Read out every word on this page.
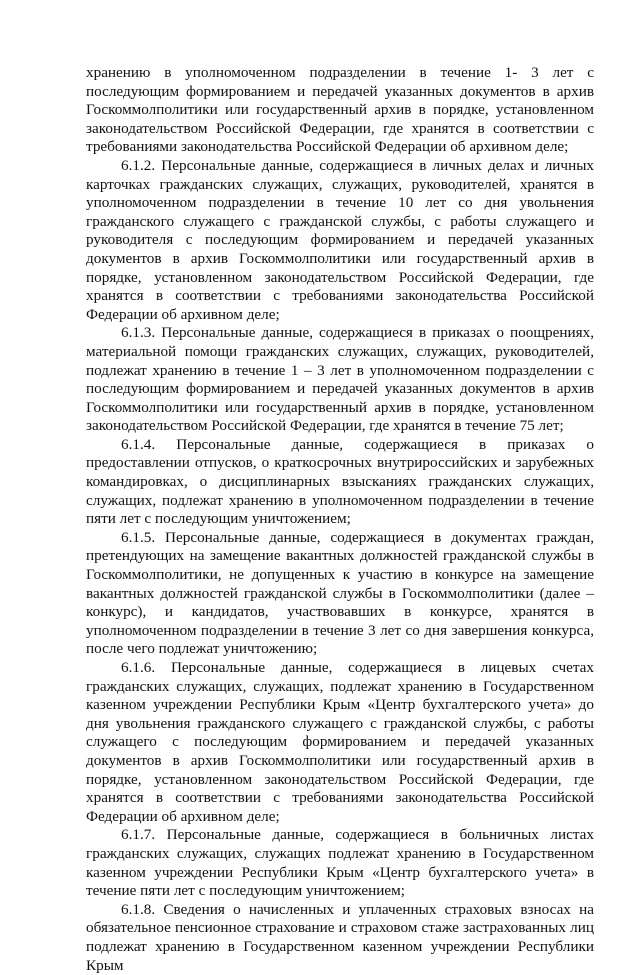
хранению в уполномоченном подразделении в течение 1- 3 лет с последующим формированием и передачей указанных документов в архив Госкоммолполитики или государственный архив в порядке, установленном законодательством Российской Федерации, где хранятся в соответствии с требованиями законодательства Российской Федерации об архивном деле;

6.1.2. Персональные данные, содержащиеся в личных делах и личных карточках гражданских служащих, служащих, руководителей, хранятся в уполномоченном подразделении в течение 10 лет со дня увольнения гражданского служащего с гражданской службы, с работы служащего и руководителя с последующим формированием и передачей указанных документов в архив Госкоммолполитики или государственный архив в порядке, установленном законодательством Российской Федерации, где хранятся в соответствии с требованиями законодательства Российской Федерации об архивном деле;

6.1.3. Персональные данные, содержащиеся в приказах о поощрениях, материальной помощи гражданских служащих, служащих, руководителей, подлежат хранению в течение 1 – 3 лет в уполномоченном подразделении с последующим формированием и передачей указанных документов в архив Госкоммолполитики или государственный архив в порядке, установленном законодательством Российской Федерации, где хранятся в течение 75 лет;

6.1.4. Персональные данные, содержащиеся в приказах о предоставлении отпусков, о краткосрочных внутрироссийских и зарубежных командировках, о дисциплинарных взысканиях гражданских служащих, служащих, подлежат хранению в уполномоченном подразделении в течение пяти лет с последующим уничтожением;

6.1.5. Персональные данные, содержащиеся в документах граждан, претендующих на замещение вакантных должностей гражданской службы в Госкоммолполитики, не допущенных к участию в конкурсе на замещение вакантных должностей гражданской службы в Госкоммолполитики (далее – конкурс), и кандидатов, участвовавших в конкурсе, хранятся в уполномоченном подразделении в течение 3 лет со дня завершения конкурса, после чего подлежат уничтожению;

6.1.6. Персональные данные, содержащиеся в лицевых счетах гражданских служащих, служащих, подлежат хранению в Государственном казенном учреждении Республики Крым «Центр бухгалтерского учета» до дня увольнения гражданского служащего с гражданской службы, с работы служащего с последующим формированием и передачей указанных документов в архив Госкоммолполитики или государственный архив в порядке, установленном законодательством Российской Федерации, где хранятся в соответствии с требованиями законодательства Российской Федерации об архивном деле;

6.1.7. Персональные данные, содержащиеся в больничных листах гражданских служащих, служащих подлежат хранению в Государственном казенном учреждении Республики Крым «Центр бухгалтерского учета» в течение пяти лет с последующим уничтожением;

6.1.8. Сведения о начисленных и уплаченных страховых взносах на обязательное пенсионное страхование и страховом стаже застрахованных лиц подлежат хранению в Государственном казенном учреждении Республики Крым
